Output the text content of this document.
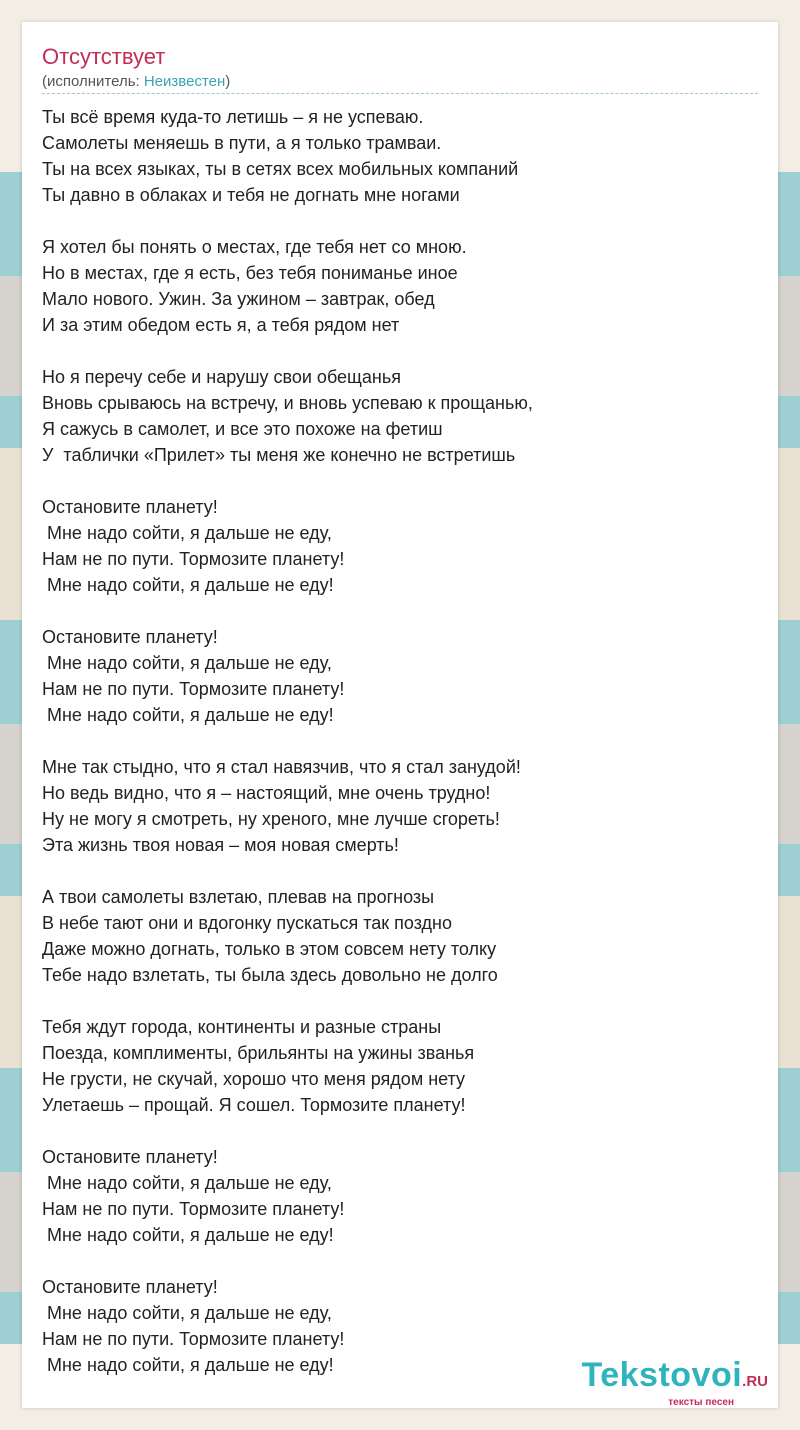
Отсутствует
(исполнитель: Неизвестен)
Ты всё время куда-то летишь – я не успеваю.
Самолеты меняешь в пути, а я только трамваи.
Ты на всех языках, ты в сетях всех мобильных компаний
Ты давно в облаках и тебя не догнать мне ногами
Я хотел бы понять о местах, где тебя нет со мною.
Но в местах, где я есть, без тебя пониманье иное
Мало нового. Ужин. За ужином – завтрак, обед
И за этим обедом есть я, а тебя рядом нет
Но я перечу себе и нарушу свои обещанья
Вновь срываюсь на встречу, и вновь успеваю к прощанью,
Я сажусь в самолет, и все это похоже на фетиш
У  таблички «Прилет» ты меня же конечно не встретишь
Остановите планету!
Мне надо сойти, я дальше не еду,
Нам не по пути. Тормозите планету!
Мне надо сойти, я дальше не еду!
Остановите планету!
Мне надо сойти, я дальше не еду,
Нам не по пути. Тормозите планету!
Мне надо сойти, я дальше не еду!
Мне так стыдно, что я стал навязчив, что я стал занудой!
Но ведь видно, что я – настоящий, мне очень трудно!
Ну не могу я смотреть, ну хреного, мне лучше сгореть!
Эта жизнь твоя новая – моя новая смерть!
А твои самолеты взлетаю, плевав на прогнозы
В небе тают они и вдогонку пускаться так поздно
Даже можно догнать, только в этом совсем нету толку
Тебе надо взлетать, ты была здесь довольно не долго
Тебя ждут города, континенты и разные страны
Поезда, комплименты, брильянты на ужины званья
Не грусти, не скучай, хорошо что меня рядом нету
Улетаешь – прощай. Я сошел. Тормозите планету!
Остановите планету!
Мне надо сойти, я дальше не еду,
Нам не по пути. Тормозите планету!
Мне надо сойти, я дальше не еду!
Остановите планету!
Мне надо сойти, я дальше не еду,
Нам не по пути. Тормозите планету!
Мне надо сойти, я дальше не еду!	Tekstovoi.RU
тексты песен
